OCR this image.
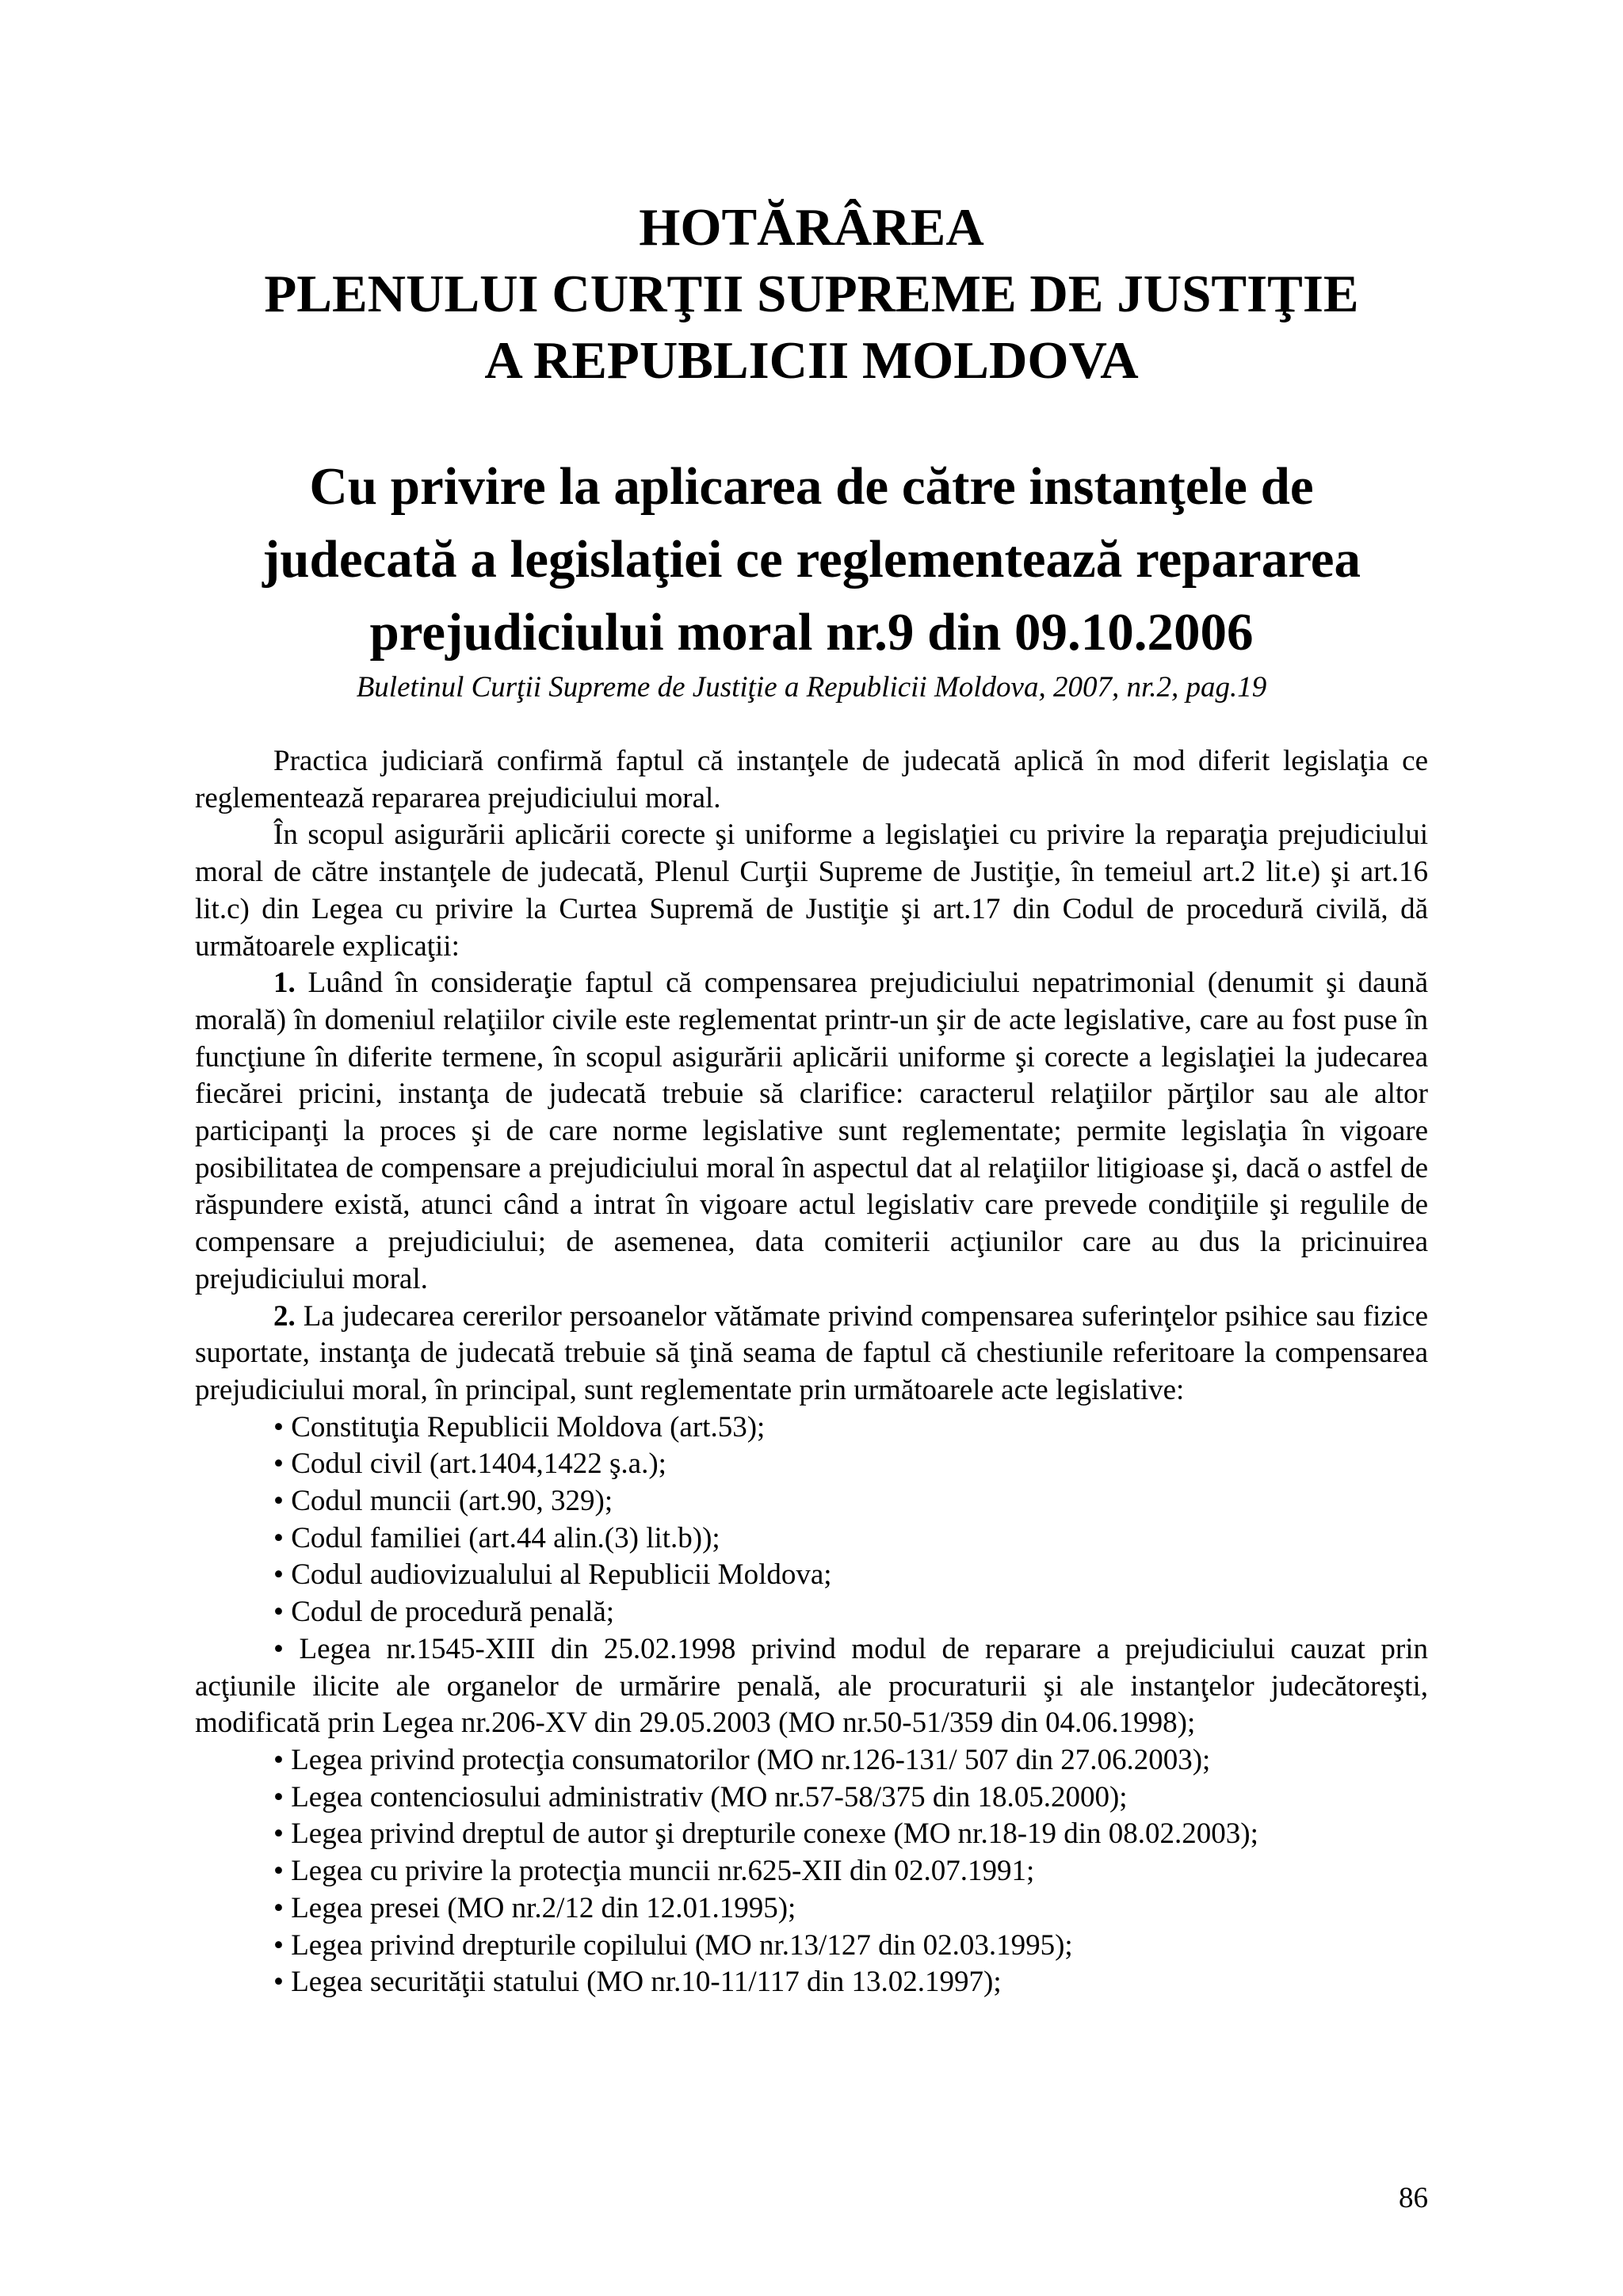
HOTĂRÂREA
PLENULUI CURŢII SUPREME DE JUSTIŢIE
A REPUBLICII MOLDOVA
Cu privire la aplicarea de către instanţele de
judecată a legislaţiei ce reglementează repararea
prejudiciului moral nr.9 din 09.10.2006
Buletinul Curţii Supreme de Justiţie a Republicii Moldova, 2007, nr.2, pag.19

Practica judiciară confirmă faptul că instanţele de judecată aplică în mod diferit legislaţia ce reglementează repararea prejudiciului moral.

În scopul asigurării aplicării corecte şi uniforme a legislaţiei cu privire la reparaţia prejudiciului moral de către instanţele de judecată, Plenul Curţii Supreme de Justiţie, în temeiul art.2 lit.e) şi art.16 lit.c) din Legea cu privire la Curtea Supremă de Justiţie şi art.17 din Codul de procedură civilă, dă următoarele explicaţii:

1. Luând în consideraţie faptul că compensarea prejudiciului nepatrimonial (denumit şi daună morală) în domeniul relaţiilor civile este reglementat printr-un şir de acte legislative, care au fost puse în funcţiune în diferite termene, în scopul asigurării aplicării uniforme şi corecte a legislaţiei la judecarea fiecărei pricini, instanţa de judecată trebuie să clarifice: caracterul relaţiilor părţilor sau ale altor participanţi la proces şi de care norme legislative sunt reglementate; permite legislaţia în vigoare posibilitatea de compensare a prejudiciului moral în aspectul dat al relaţiilor litigioase şi, dacă o astfel de răspundere există, atunci când a intrat în vigoare actul legislativ care prevede condiţiile şi regulile de compensare a prejudiciului; de asemenea, data comiterii acţiunilor care au dus la pricinuirea prejudiciului moral.

2. La judecarea cererilor persoanelor vătămate privind compensarea suferinţelor psihice sau fizice suportate, instanţa de judecată trebuie să ţină seama de faptul că chestiunile referitoare la compensarea prejudiciului moral, în principal, sunt reglementate prin următoarele acte legislative:

• Constituţia Republicii Moldova (art.53);
• Codul civil (art.1404,1422 ş.a.);
• Codul muncii (art.90, 329);
• Codul familiei (art.44 alin.(3) lit.b));
• Codul audiovizualului al Republicii Moldova;
• Codul de procedură penală;
• Legea nr.1545-XIII din 25.02.1998 privind modul de reparare a prejudiciului cauzat prin acţiunile ilicite ale organelor de urmărire penală, ale procuraturii şi ale instanţelor judecătoreşti, modificată prin Legea nr.206-XV din 29.05.2003 (MO nr.50-51/359 din 04.06.1998);
• Legea privind protecţia consumatorilor (MO nr.126-131/ 507 din 27.06.2003);
• Legea contenciosului administrativ (MO nr.57-58/375 din 18.05.2000);
• Legea privind dreptul de autor şi drepturile conexe (MO nr.18-19 din 08.02.2003);
• Legea cu privire la protecţia muncii nr.625-XII din 02.07.1991;
• Legea presei (MO nr.2/12 din 12.01.1995);
• Legea privind drepturile copilului (MO nr.13/127 din 02.03.1995);
• Legea securităţii statului (MO nr.10-11/117 din 13.02.1997);
86
